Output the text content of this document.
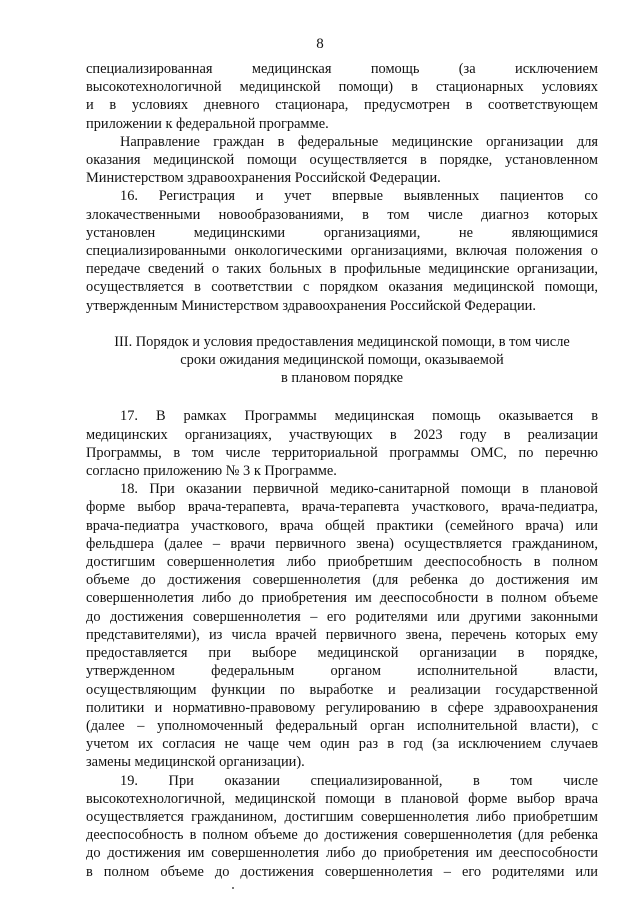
8
специализированная медицинская помощь (за исключением
высокотехнологичной медицинской помощи) в стационарных условиях
и в условиях дневного стационара, предусмотрен в соответствующем
приложении к федеральной программе.
Направление граждан в федеральные медицинские организации для
оказания медицинской помощи осуществляется в порядке, установленном
Министерством здравоохранения Российской Федерации.
16. Регистрация и учет впервые выявленных пациентов со
злокачественными новообразованиями, в том числе диагноз которых
установлен медицинскими организациями, не являющимися
специализированными онкологическими организациями, включая положения о
передаче сведений о таких больных в профильные медицинские организации,
осуществляется в соответствии с порядком оказания медицинской помощи,
утвержденным Министерством здравоохранения Российской Федерации.
III. Порядок и условия предоставления медицинской помощи, в том числе
сроки ожидания медицинской помощи, оказываемой
в плановом порядке
17. В рамках Программы медицинская помощь оказывается в
медицинских организациях, участвующих в 2023 году в реализации
Программы, в том числе территориальной программы ОМС, по перечню
согласно приложению № 3 к Программе.
18. При оказании первичной медико-санитарной помощи в плановой
форме выбор врача-терапевта, врача-терапевта участкового, врача-педиатра,
врача-педиатра участкового, врача общей практики (семейного врача) или
фельдшера (далее – врачи первичного звена) осуществляется гражданином,
достигшим совершеннолетия либо приобретшим дееспособность в полном
объеме до достижения совершеннолетия (для ребенка до достижения им
совершеннолетия либо до приобретения им дееспособности в полном объеме
до достижения совершеннолетия – его родителями или другими законными
представителями), из числа врачей первичного звена, перечень которых ему
предоставляется при выборе медицинской организации в порядке,
утвержденном федеральным органом исполнительной власти,
осуществляющим функции по выработке и реализации государственной
политики и нормативно-правовому регулированию в сфере здравоохранения
(далее – уполномоченный федеральный орган исполнительной власти), с
учетом их согласия не чаще чем один раз в год (за исключением случаев
замены медицинской организации).
19. При оказании специализированной, в том числе
высокотехнологичной, медицинской помощи в плановой форме выбор врача
осуществляется гражданином, достигшим совершеннолетия либо приобретшим
дееспособность в полном объеме до достижения совершеннолетия (для ребенка
до достижения им совершеннолетия либо до приобретения им дееспособности
в полном объеме до достижения совершеннолетия – его родителями или
